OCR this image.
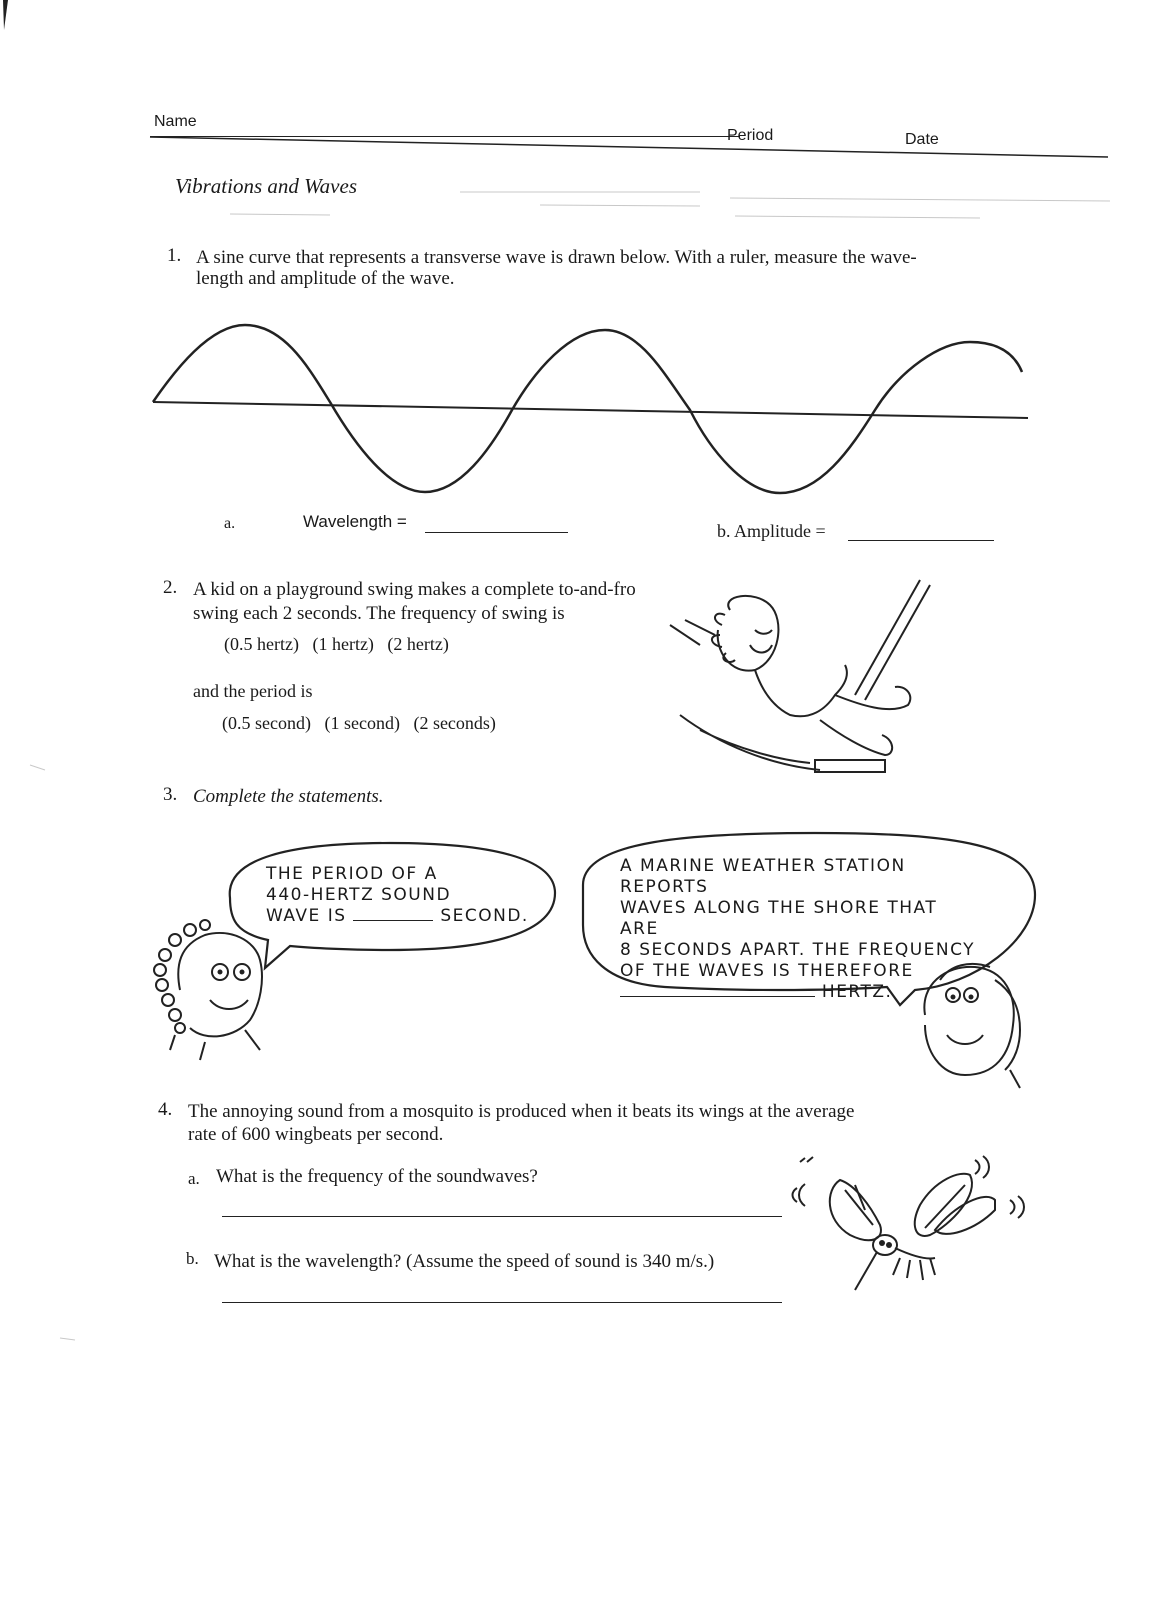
Name
Period	Date
Vibrations and Waves
1. A sine curve that represents a transverse wave is drawn below. With a ruler, measure the wave-
length and amplitude of the wave.
a.	Wavelength =	b. Amplitude =
2. A kid on a playground swing makes a complete to-and-fro
swing each 2 seconds. The frequency of swing is
(0.5 hertz)   (1 hertz)   (2 hertz)
and the period is
(0.5 second)   (1 second)   (2 seconds)
3. Complete the statements.
THE PERIOD OF A
440-HERTZ SOUND
WAVE IS	SECOND.
A MARINE WEATHER STATION REPORTS
WAVES ALONG THE SHORE THAT ARE
8 SECONDS APART. THE FREQUENCY
OF THE WAVES IS THEREFORE
HERTZ.
4. The annoying sound from a mosquito is produced when it beats its wings at the average
rate of 600 wingbeats per second.
a. What is the frequency of the soundwaves?
b. What is the wavelength? (Assume the speed of sound is 340 m/s.)
